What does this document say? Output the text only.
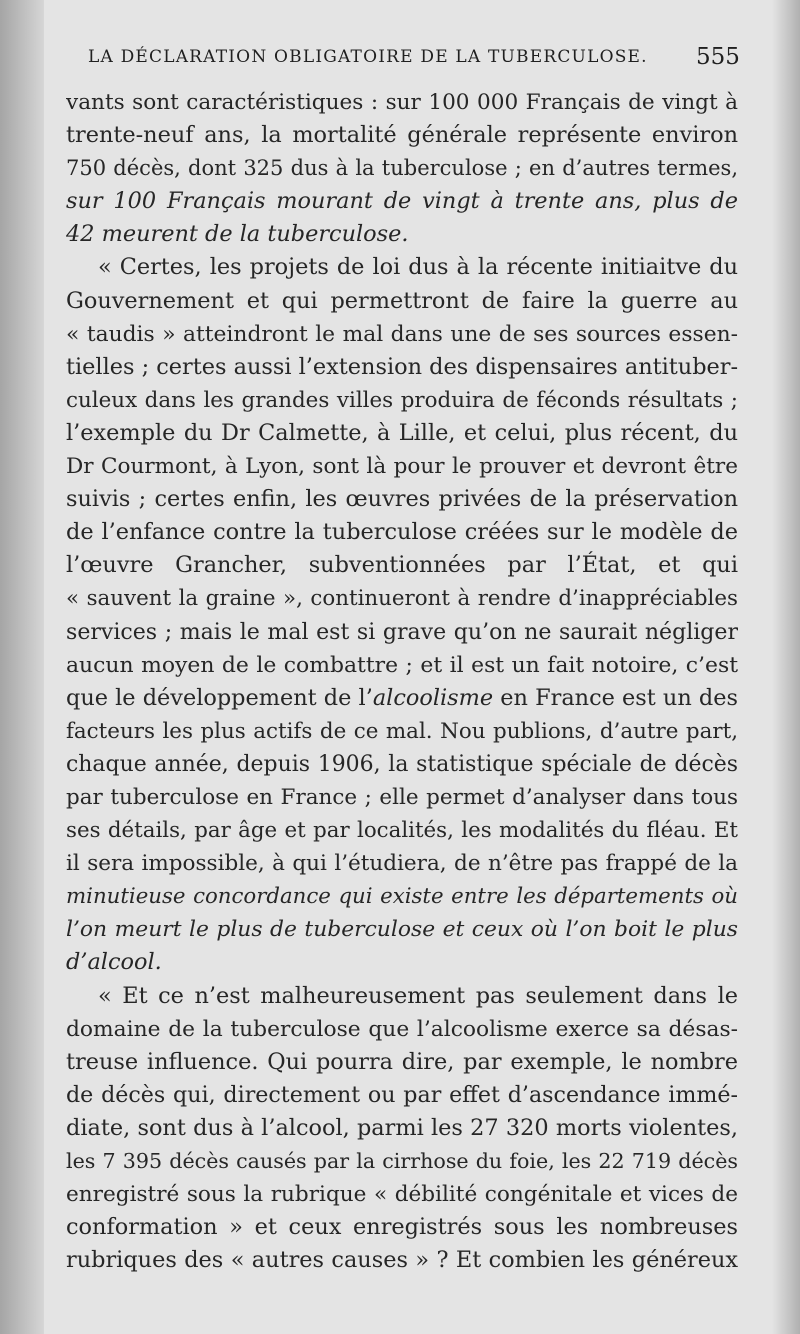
LA DÉCLARATION OBLIGATOIRE DE LA TUBERCULOSE. 555
vants sont caractéristiques : sur 100 000 Français de vingt à
trente-neuf ans, la mortalité générale représente environ
750 décès, dont 325 dus à la tuberculose ; en d’autres termes,
sur 100 Français mourant de vingt à trente ans, plus de
42 meurent de la tuberculose.
« Certes, les projets de loi dus à la récente initiaitve du
Gouvernement et qui permettront de faire la guerre au
« taudis » atteindront le mal dans une de ses sources essen-
tielles ; certes aussi l’extension des dispensaires antituber-
culeux dans les grandes villes produira de féconds résultats ;
l’exemple du Dr Calmette, à Lille, et celui, plus récent, du
Dr Courmont, à Lyon, sont là pour le prouver et devront être
suivis ; certes enfin, les œuvres privées de la préservation
de l’enfance contre la tuberculose créées sur le modèle de
l’œuvre Grancher, subventionnées par l’État, et qui
« sauvent la graine », continueront à rendre d’inappréciables
services ; mais le mal est si grave qu’on ne saurait négliger
aucun moyen de le combattre ; et il est un fait notoire, c’est
que le développement de l’alcoolisme en France est un des
facteurs les plus actifs de ce mal. Nou publions, d’autre part,
chaque année, depuis 1906, la statistique spéciale de décès
par tuberculose en France ; elle permet d’analyser dans tous
ses détails, par âge et par localités, les modalités du fléau. Et
il sera impossible, à qui l’étudiera, de n’être pas frappé de la
minutieuse concordance qui existe entre les départements où
l’on meurt le plus de tuberculose et ceux où l’on boit le plus
d’alcool.
« Et ce n’est malheureusement pas seulement dans le
domaine de la tuberculose que l’alcoolisme exerce sa désas-
treuse influence. Qui pourra dire, par exemple, le nombre
de décès qui, directement ou par effet d’ascendance immé-
diate, sont dus à l’alcool, parmi les 27 320 morts violentes,
les 7 395 décès causés par la cirrhose du foie, les 22 719 décès
enregistré sous la rubrique « débilité congénitale et vices de
conformation » et ceux enregistrés sous les nombreuses
rubriques des « autres causes » ? Et combien les généreux
